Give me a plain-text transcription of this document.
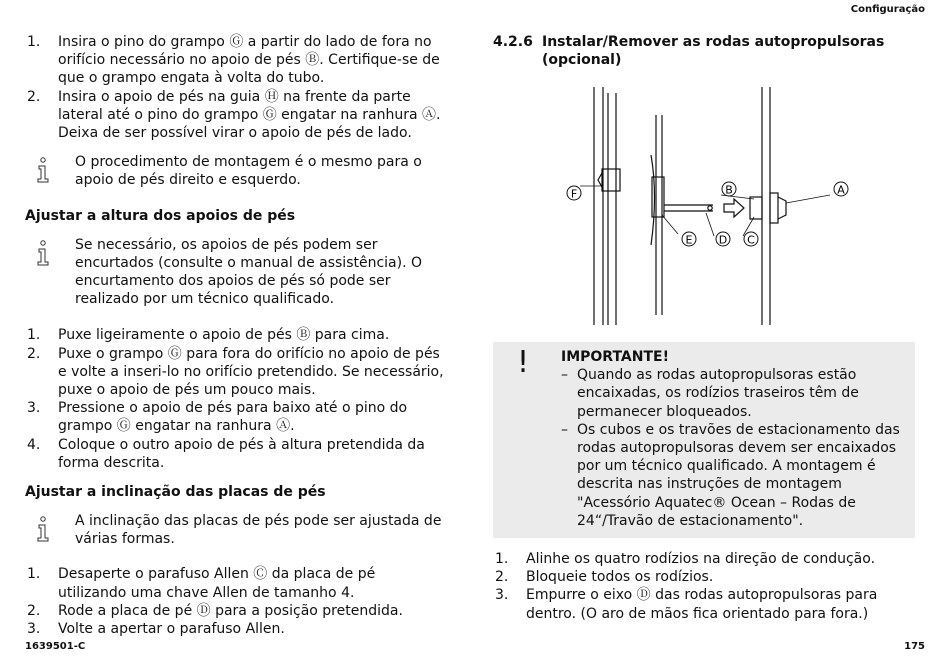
Configuração
1. Insira o pino do grampo Ⓖ a partir do lado de fora no orifício necessário no apoio de pés Ⓑ. Certifique-se de que o grampo engata à volta do tubo.
2. Insira o apoio de pés na guia Ⓗ na frente da parte lateral até o pino do grampo Ⓖ engatar na ranhura Ⓐ. Deixa de ser possível virar o apoio de pés de lado.
O procedimento de montagem é o mesmo para o apoio de pés direito e esquerdo.
Ajustar a altura dos apoios de pés
Se necessário, os apoios de pés podem ser encurtados (consulte o manual de assistência). O encurtamento dos apoios de pés só pode ser realizado por um técnico qualificado.
1. Puxe ligeiramente o apoio de pés Ⓑ para cima.
2. Puxe o grampo Ⓖ para fora do orifício no apoio de pés e volte a inseri-lo no orifício pretendido. Se necessário, puxe o apoio de pés um pouco mais.
3. Pressione o apoio de pés para baixo até o pino do grampo Ⓖ engatar na ranhura Ⓐ.
4. Coloque o outro apoio de pés à altura pretendida da forma descrita.
Ajustar a inclinação das placas de pés
A inclinação das placas de pés pode ser ajustada de várias formas.
1. Desaperte o parafuso Allen Ⓒ da placa de pé utilizando uma chave Allen de tamanho 4.
2. Rode a placa de pé Ⓓ para a posição pretendida.
3. Volte a apertar o parafuso Allen.
4.2.6 Instalar/Remover as rodas autopropulsoras (opcional)
A
B
C
D
E
F
! IMPORTANTE!
– Quando as rodas autopropulsoras estão encaixadas, os rodízios traseiros têm de permanecer bloqueados.
– Os cubos e os travões de estacionamento das rodas autopropulsoras devem ser encaixados por um técnico qualificado. A montagem é descrita nas instruções de montagem "Acessório Aquatec® Ocean – Rodas de 24“/Travão de estacionamento".
1. Alinhe os quatro rodízios na direção de condução.
2. Bloqueie todos os rodízios.
3. Empurre o eixo Ⓓ das rodas autopropulsoras para dentro. (O aro de mãos fica orientado para fora.)
1639501-C	175
